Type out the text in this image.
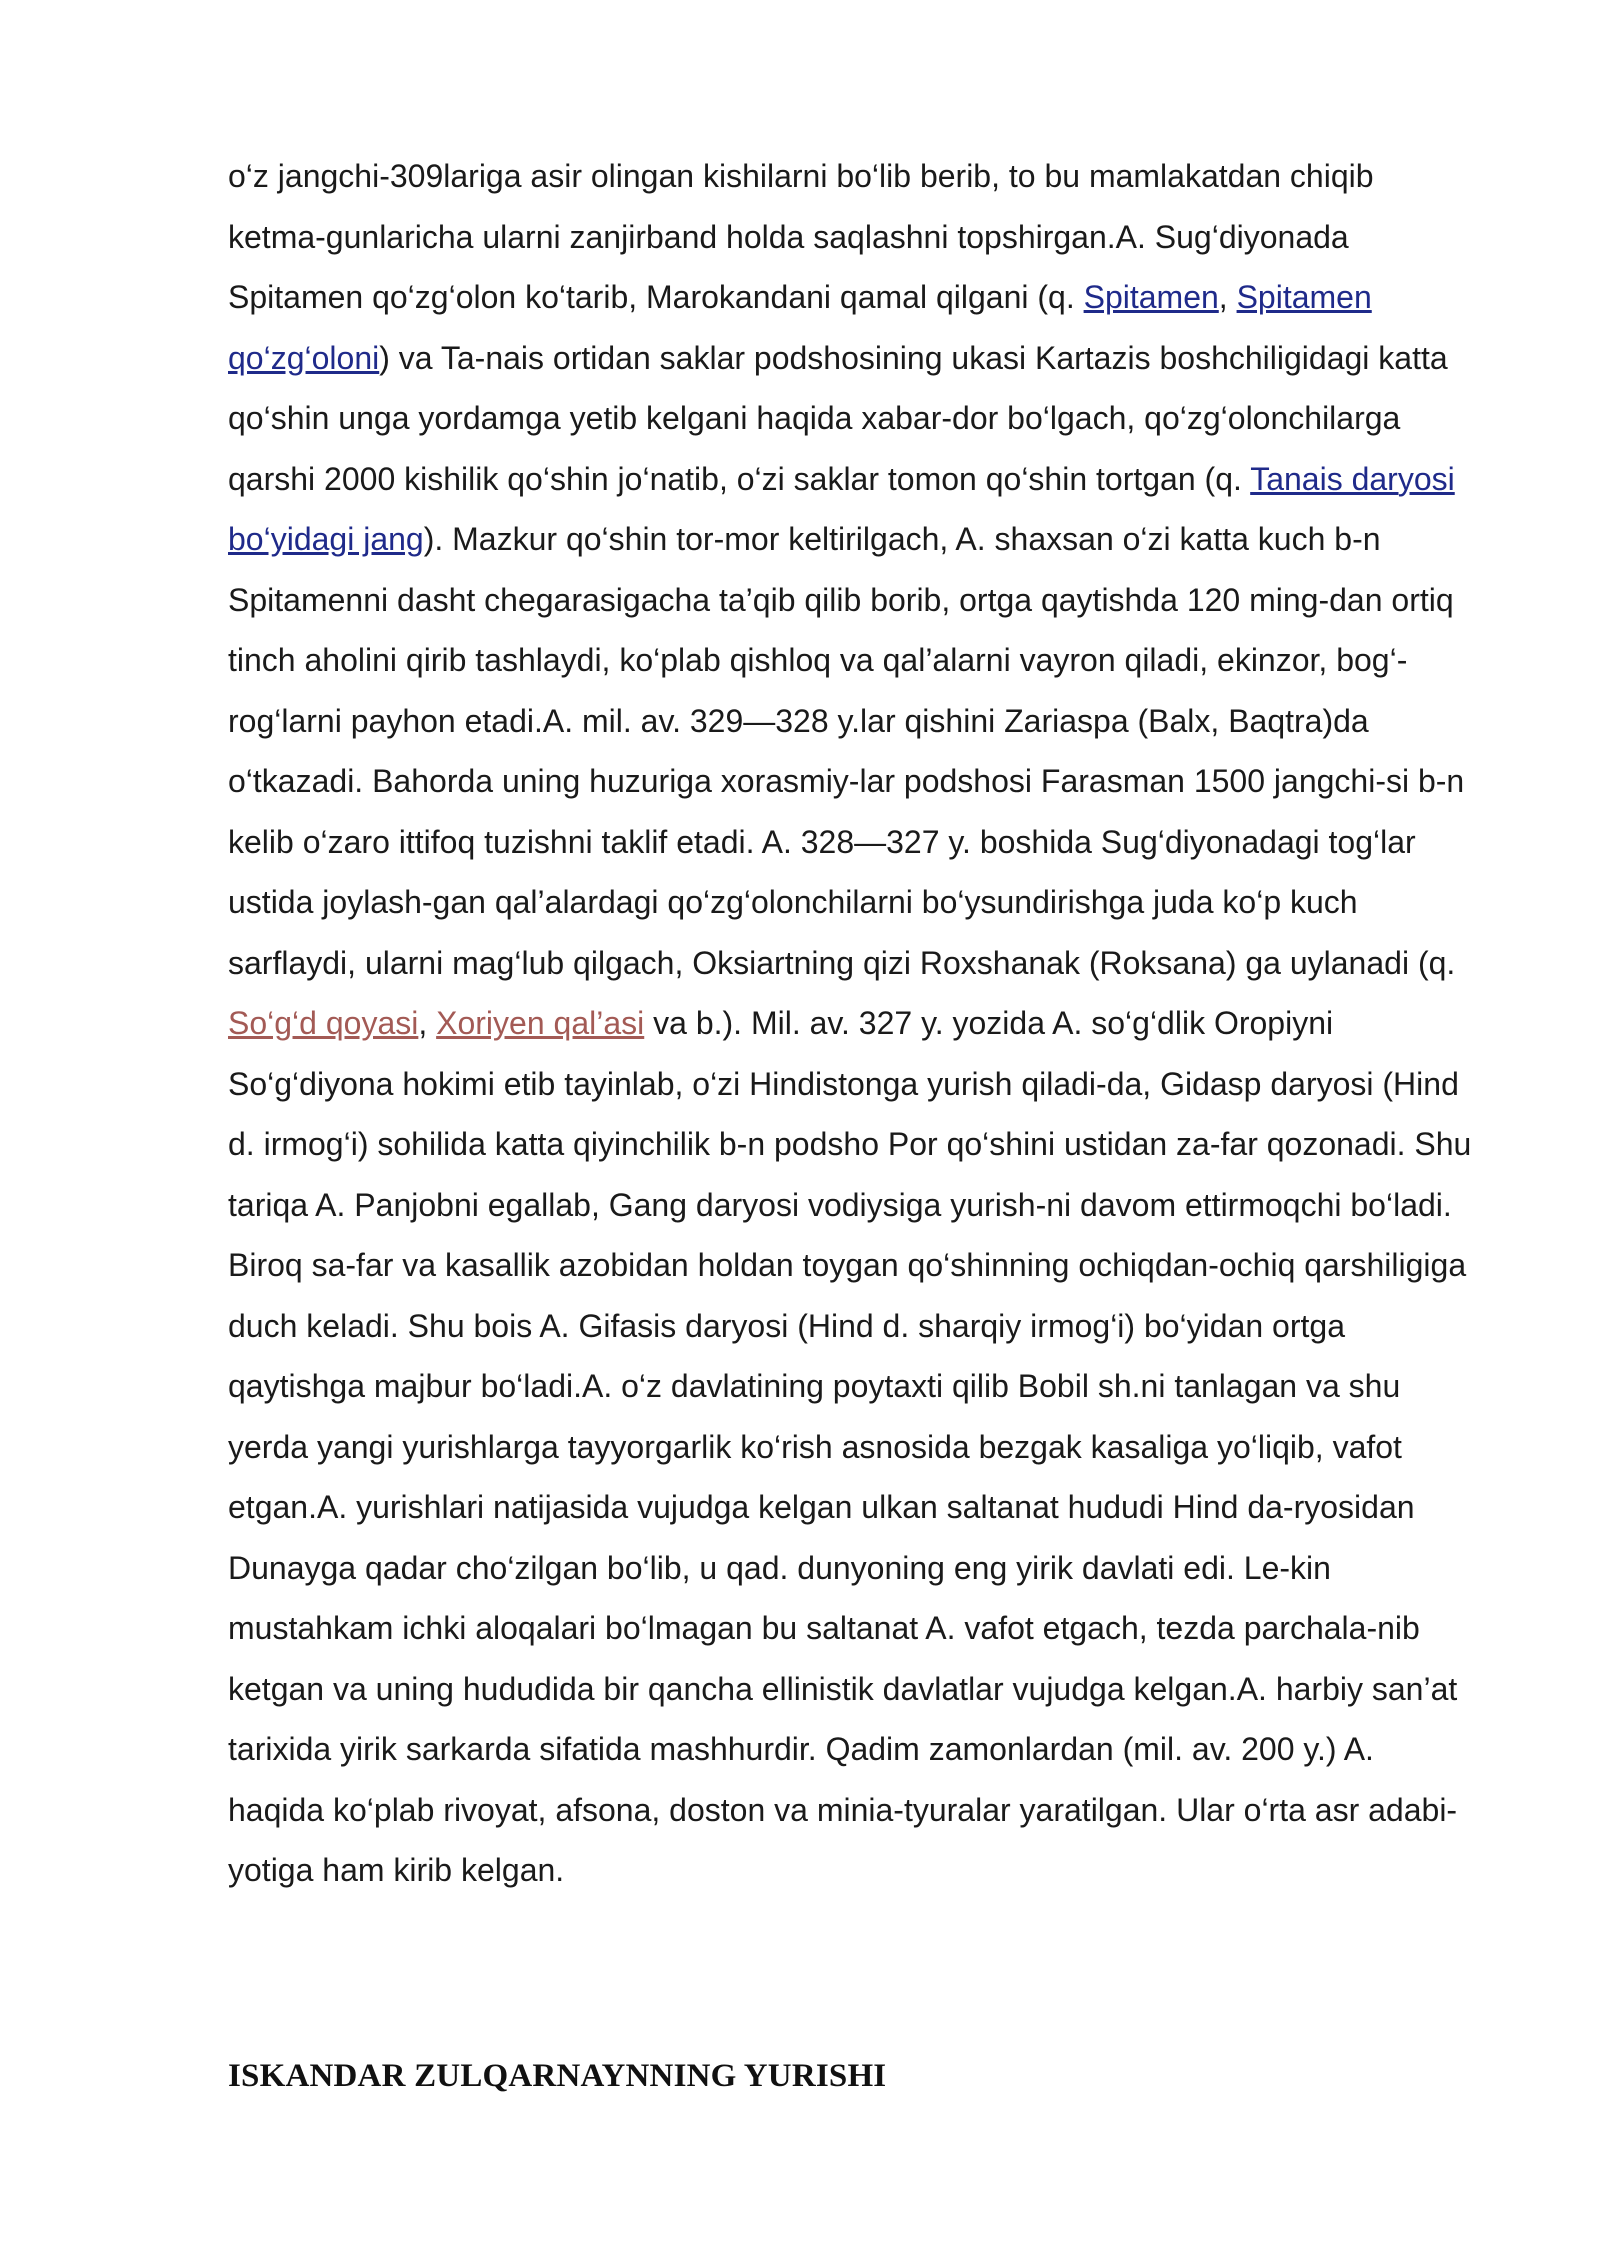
o‘z jangchi-309lariga asir olingan kishilarni bo‘lib berib, to bu mamlakatdan chiqib ketma-gunlaricha ularni zanjirband holda saqlashni topshirgan.A. Sug‘diyonada Spitamen qo‘zg‘olon ko‘tarib, Marokandani qamal qilgani (q. Spitamen, Spitamen qo‘zg‘oloni) va Ta-nais ortidan saklar podshosining ukasi Kartazis boshchiligidagi katta qo‘shin unga yordamga yetib kelgani haqida xabar-dor bo‘lgach, qo‘zg‘olonchilarga qarshi 2000 kishilik qo‘shin jo‘natib, o‘zi saklar tomon qo‘shin tortgan (q. Tanais daryosi bo‘yidagi jang). Mazkur qo‘shin tor-mor keltirilgach, A. shaxsan o‘zi katta kuch b-n Spitamenni dasht chegarasigacha ta’qib qilib borib, ortga qaytishda 120 ming-dan ortiq tinch aholini qirib tashlaydi, ko‘plab qishloq va qal’alarni vayron qiladi, ekinzor, bog‘-rog‘larni payhon etadi.A. mil. av. 329—328 y.lar qishini Zariaspa (Balx, Baqtra)da o‘tkazadi. Bahorda uning huzuriga xorasmiy-lar podshosi Farasman 1500 jangchi-si b-n kelib o‘zaro ittifoq tuzishni taklif etadi. A. 328—327 y. boshida Sug‘diyonadagi tog‘lar ustida joylash-gan qal’alardagi qo‘zg‘olonchilarni bo‘ysundirishga juda ko‘p kuch sarflaydi, ularni mag‘lub qilgach, Oksiartning qizi Roxshanak (Roksana) ga uylanadi (q. So‘g‘d qoyasi, Xoriyen qal’asi va b.). Mil. av. 327 y. yozida A. so‘g‘dlik Oropiyni So‘g‘diyona hokimi etib tayinlab, o‘zi Hindistonga yurish qiladi-da, Gidasp daryosi (Hind d. irmog‘i) sohilida katta qiyinchilik b-n podsho Por qo‘shini ustidan za-far qozonadi. Shu tariqa A. Panjobni egallab, Gang daryosi vodiysiga yurish-ni davom ettirmoqchi bo‘ladi. Biroq sa-far va kasallik azobidan holdan toygan qo‘shinning ochiqdan-ochiq qarshiligiga duch keladi. Shu bois A. Gifasis daryosi (Hind d. sharqiy irmog‘i) bo‘yidan ortga qaytishga majbur bo‘ladi.A. o‘z davlatining poytaxti qilib Bobil sh.ni tanlagan va shu yerda yangi yurishlarga tayyorgarlik ko‘rish asnosida bezgak kasaligа yo‘liqib, vafot etgan.A. yurishlari natijasida vujudga kelgan ulkan saltanat hududi Hind da-ryosidan Dunayga qadar cho‘zilgan bo‘lib, u qad. dunyoning eng yirik davlati edi. Le-kin mustahkam ichki aloqalari bo‘lmagan bu saltanat A. vafot etgach, tezda parchala-nib ketgan va uning hududida bir qancha ellinistik davlatlar vujudga kelgan.A. harbiy san’at tarixida yirik sarkarda sifatida mashhurdir. Qadim zamonlardan (mil. av. 200 y.) A. haqida ko‘plab rivoyat, afsona, doston va minia-tyuralar yaratilgan. Ular o‘rta asr adabi-yotiga ham kirib kelgan.

ISKANDAR ZULQARNAYNNING YURISHI
